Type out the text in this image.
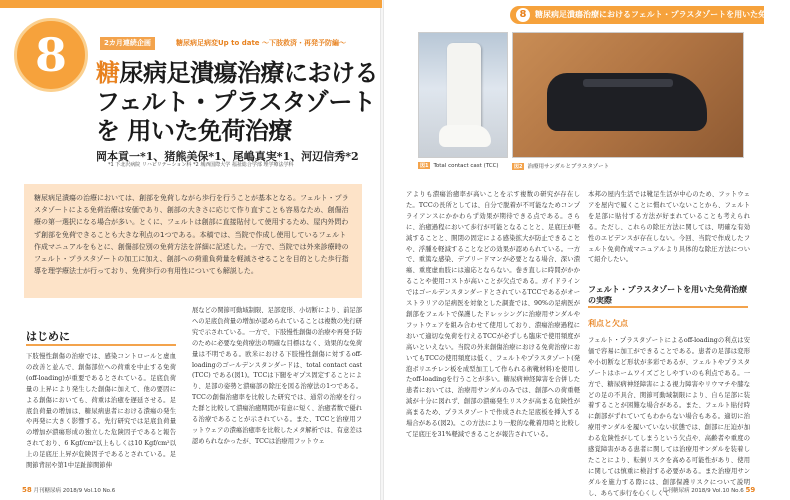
8	2カ月連続企画	糖尿病足病変Up to date ～下肢救済・再発予防編～
糖尿病足潰瘍治療における フェルト・プラスタゾートを 用いた免荷治療
岡本貢一*1、猪熊美保*1、尾嶋真実*1、河辺信秀*2
*1 下北沢病院 リハビリテーション科 *2 城西国際大学 福祉総合学部 理学療法学科
糖尿病足潰瘍の治療においては、創部を免荷しながら歩行を行うことが基本となる。フェルト・プラスタゾートによる免荷治療は安価であり、創部の大きさに応じて作り直すことも容易なため、創傷治療の第一選択になる場合が多い。とくに、フェルトは創部に直接貼付して使用するため、屋内外問わず創部を免荷できることも大きな利点の1つである。本稿では、当院で作成し使用しているフェルト作成マニュアルをもとに、創傷部位別の免荷方法を詳細に記述した。一方で、当院では外来診療時のフェルト・プラスタゾートの加工に加え、創部への荷重負荷量を軽減させることを目的とした歩行指導を理学療法士が行っており、免荷歩行の有用性についても解説した。
展などの関節可動域制限、足部変形、小切断により、前足部への足底負荷量の増加が認められていることは複数の先行研究で示されている。一方で、下肢慢性創傷の治療や再発予防のために必要な免荷療法の明確な目標はなく、効果的な免荷量は不明である。欧米における下肢慢性創傷に対するoff-loadingのゴールデンスタンダードは、total contact cast (TCC) である(図1)。TCCは下腿をギプス固定することにより、足部の姿勢と潰瘍部の除圧を図る治療法の1つである。TCCの創傷治癒率を比較した研究では、通常の治療を行った群と比較して潰瘍治癒期間が有意に短く、治癒者数で優れる治療であることが示されている。また、TCCと治療用フットウェアの潰瘍治癒率を比較したメタ解析では、有意差は認められなかったが、TCCは治療用フットウェ
はじめに
下肢慢性創傷の治療では、感染コントロールと虚血の改善と並んで、創傷部位への荷重を中止する免荷(off-loading)が重要であるとされている。足底負荷量の上昇により発生した創傷に加えて、他の要因による創傷においても、荷重は治癒を遅延させる。足底負荷量の増加は、糖尿病患者における潰瘍の発生や再発に大きく影響する。先行研究では足底負荷量の増加が潰瘍形成の独立した危険因子であると報告されており、6 Kgf/cm²以上もしくは10 Kgf/cm²以上の足底圧上昇が危険因子であるとされている。足関節背屈や第1中足趾節関節伸
8	糖尿病足潰瘍治療におけるフェルト・プラスタゾートを用いた免荷治療
図1 Total contact cast (TCC)	図2 治療用サンダルとプラスタゾート
アよりも潰瘍治癒率が高いことを示す複数の研究が存在した。TCCの長所としては、自分で脱着が不可能なためコンプライアンスにかかわらず効果が期待できる点である。さらに、治癒過程において歩行が可能となることと、足底圧が軽減することと、開閉の固定による感染拡大が防止できることや、浮腫を軽減することなどの効果が認められている。一方で、重篤な感染、デブリードマンが必要となる場合、深い潰瘍、重度虚血肢には適応とならない。巻き直しに時間がかかることや使用コストが高いことが欠点である。ガイドラインではゴールデンスタンダードとされているTCCであるがオーストラリアの足病医を対象とした調査では、90%の足病医が創部をフェルトで保護したドレッシングに治療用サンダルやフットウェアを組み合わせて使用しており、潰瘍治療過程において適切な免荷を行えるTCCが必ずしも臨床で使用頻度が高いといえない。当院の外来創傷治療における免荷治療においてもTCCの使用頻度は低く、フェルトやプラスタゾート(発泡ポリエチレン板を成型加工して作られる術靴材料)を使用したoff-loadingを行うことが多い。糖尿病神経障害を合併した患者においては、治療用サンダルのみでは、創部への荷重軽減が十分に図れず、創部の潰瘍発生リスクが高まる危険性が高まるため、プラスタゾートで作成された足底板を挿入する場合がある(図2)。この方法により一般的な靴着用時と比較して足底圧を31%軽減できることが報告されている。
本邦の屋内生活では靴足生活が中心のため、フットウェアを屋内で履くことに慣れていないことから、フェルトを足部に貼付する方法が好まれていることも考えられる。ただし、これらの除圧方法に関しては、明確な有効性のエビデンスが存在しない。今回、当院で作成したフェルト免荷作成マニュアルより具体的な除圧方法について紹介したい。
フェルト・プラスタゾートを用いた免荷治療の実際
利点と欠点
フェルト・プラスタゾートによるoff-loadingの利点は安価で容易に加工ができることである。患者の足部は変形や小切断など形状が多彩であるが、フェルトやプラスタゾートはホームワイズごとしやすいのも利点である。一方で、糖尿病神経障害による視力障害やリウマチや膝などの足の不具合、関節可動域制限により、自ら足部に装着することが困難な場合がある。また、フェルト貼付時に創部がずれていてもわからない場合もある。適切に治療用サンダルを履いていない状態では、創部に圧迫が加わる危険性がしてしまうという欠点や、高齢者や重度の感覚障害がある患者に関しては治療用サンダルを装着したことにより、転倒リスクを高める可能性があり、使用に関しては慎重に検討する必要がある。また治療用サンダルを施力する際には、創部保護リスクについて説明し、あらて歩行を心くしくて
58 月刊糖尿病 2018/9 Vol.10 No.6	月刊糖尿病 2018/9 Vol.10 No.6 59
